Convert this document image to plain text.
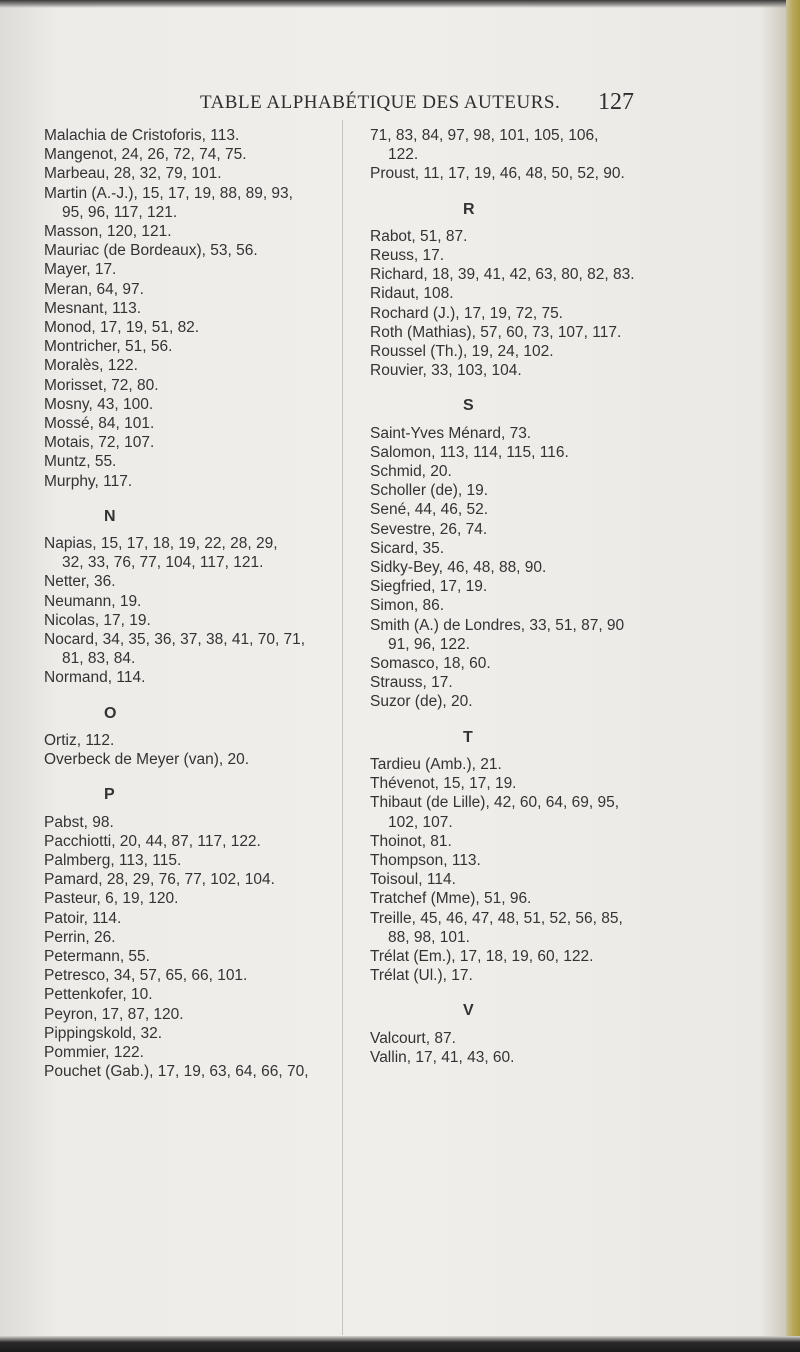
TABLE ALPHABÉTIQUE DES AUTEURS. 127
Malachia de Cristoforis, 113.
Mangenot, 24, 26, 72, 74, 75.
Marbeau, 28, 32, 79, 101.
Martin (A.-J.), 15, 17, 19, 88, 89, 93,
95, 96, 117, 121.
Masson, 120, 121.
Mauriac (de Bordeaux), 53, 56.
Mayer, 17.
Meran, 64, 97.
Mesnant, 113.
Monod, 17, 19, 51, 82.
Montricher, 51, 56.
Moralès, 122.
Morisset, 72, 80.
Mosny, 43, 100.
Mossé, 84, 101.
Motais, 72, 107.
Muntz, 55.
Murphy, 117.
N
Napias, 15, 17, 18, 19, 22, 28, 29,
32, 33, 76, 77, 104, 117, 121.
Netter, 36.
Neumann, 19.
Nicolas, 17, 19.
Nocard, 34, 35, 36, 37, 38, 41, 70, 71,
81, 83, 84.
Normand, 114.
O
Ortiz, 112.
Overbeck de Meyer (van), 20.
P
Pabst, 98.
Pacchiotti, 20, 44, 87, 117, 122.
Palmberg, 113, 115.
Pamard, 28, 29, 76, 77, 102, 104.
Pasteur, 6, 19, 120.
Patoir, 114.
Perrin, 26.
Petermann, 55.
Petresco, 34, 57, 65, 66, 101.
Pettenkofer, 10.
Peyron, 17, 87, 120.
Pippingskold, 32.
Pommier, 122.
Pouchet (Gab.), 17, 19, 63, 64, 66, 70,
71, 83, 84, 97, 98, 101, 105, 106,
122.
Proust, 11, 17, 19, 46, 48, 50, 52, 90.
R
Rabot, 51, 87.
Reuss, 17.
Richard, 18, 39, 41, 42, 63, 80, 82, 83.
Ridaut, 108.
Rochard (J.), 17, 19, 72, 75.
Roth (Mathias), 57, 60, 73, 107, 117.
Roussel (Th.), 19, 24, 102.
Rouvier, 33, 103, 104.
S
Saint-Yves Ménard, 73.
Salomon, 113, 114, 115, 116.
Schmid, 20.
Scholler (de), 19.
Sené, 44, 46, 52.
Sevestre, 26, 74.
Sicard, 35.
Sidky-Bey, 46, 48, 88, 90.
Siegfried, 17, 19.
Simon, 86.
Smith (A.) de Londres, 33, 51, 87, 90
91, 96, 122.
Somasco, 18, 60.
Strauss, 17.
Suzor (de), 20.
T
Tardieu (Amb.), 21.
Thévenot, 15, 17, 19.
Thibaut (de Lille), 42, 60, 64, 69, 95,
102, 107.
Thoinot, 81.
Thompson, 113.
Toisoul, 114.
Tratchef (Mme), 51, 96.
Treille, 45, 46, 47, 48, 51, 52, 56, 85,
88, 98, 101.
Trélat (Em.), 17, 18, 19, 60, 122.
Trélat (Ul.), 17.
V
Valcourt, 87.
Vallin, 17, 41, 43, 60.
